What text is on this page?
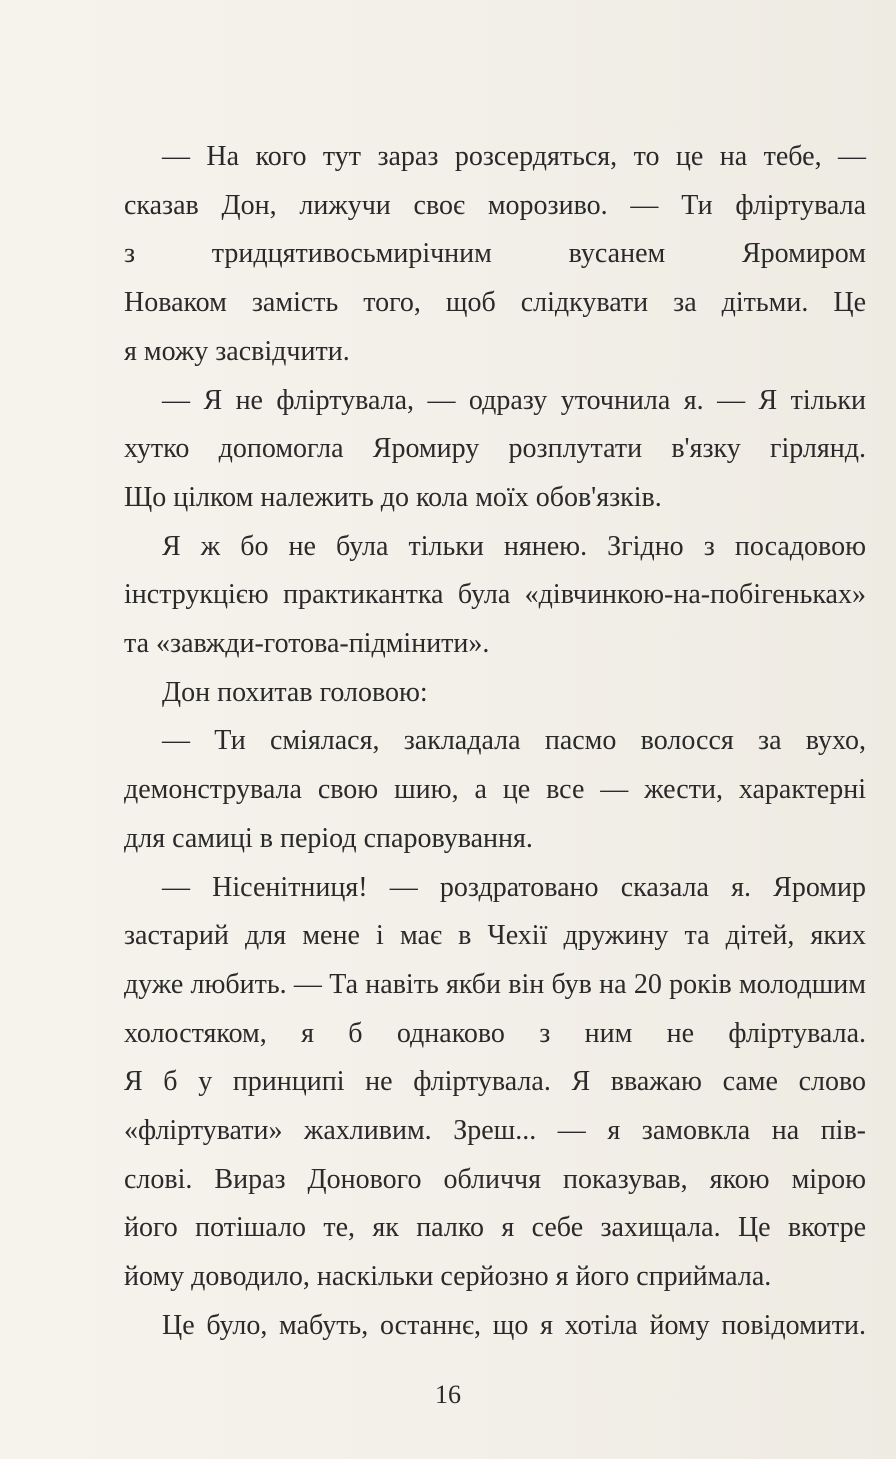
— На кого тут зараз розсердяться, то це на тебе, —
сказав Дон, лижучи своє морозиво. — Ти фліртувала
з тридцятивосьмирічним вусанем Яромиром
Новаком замість того, щоб слідкувати за дітьми. Це
я можу засвідчити.

— Я не фліртувала, — одразу уточнила я. — Я тільки
хутко допомогла Яромиру розплутати в'язку гірлянд.
Що цілком належить до кола моїх обов'язків.

Я ж бо не була тільки нянею. Згідно з посадовою
інструкцією практикантка була «дівчинкою-на-побігеньках»
та «завжди-готова-підмінити».

Дон похитав головою:

— Ти сміялася, закладала пасмо волосся за вухо,
демонструвала свою шию, а це все — жести, характерні
для самиці в період спаровування.

— Нісенітниця! — роздратовано сказала я. Яромир
застарий для мене і має в Чехії дружину та дітей, яких
дуже любить. — Та навіть якби він був на 20 років молодшим
холостяком, я б однаково з ним не фліртувала.
Я б у принципі не фліртувала. Я вважаю саме слово
«фліртувати» жахливим. Зреш... — я замовкла на пів-
слові. Вираз Донового обличчя показував, якою мірою
його потішало те, як палко я себе захищала. Це вкотре
йому доводило, наскільки серйозно я його сприймала.

Це було, мабуть, останнє, що я хотіла йому повідомити.

16
